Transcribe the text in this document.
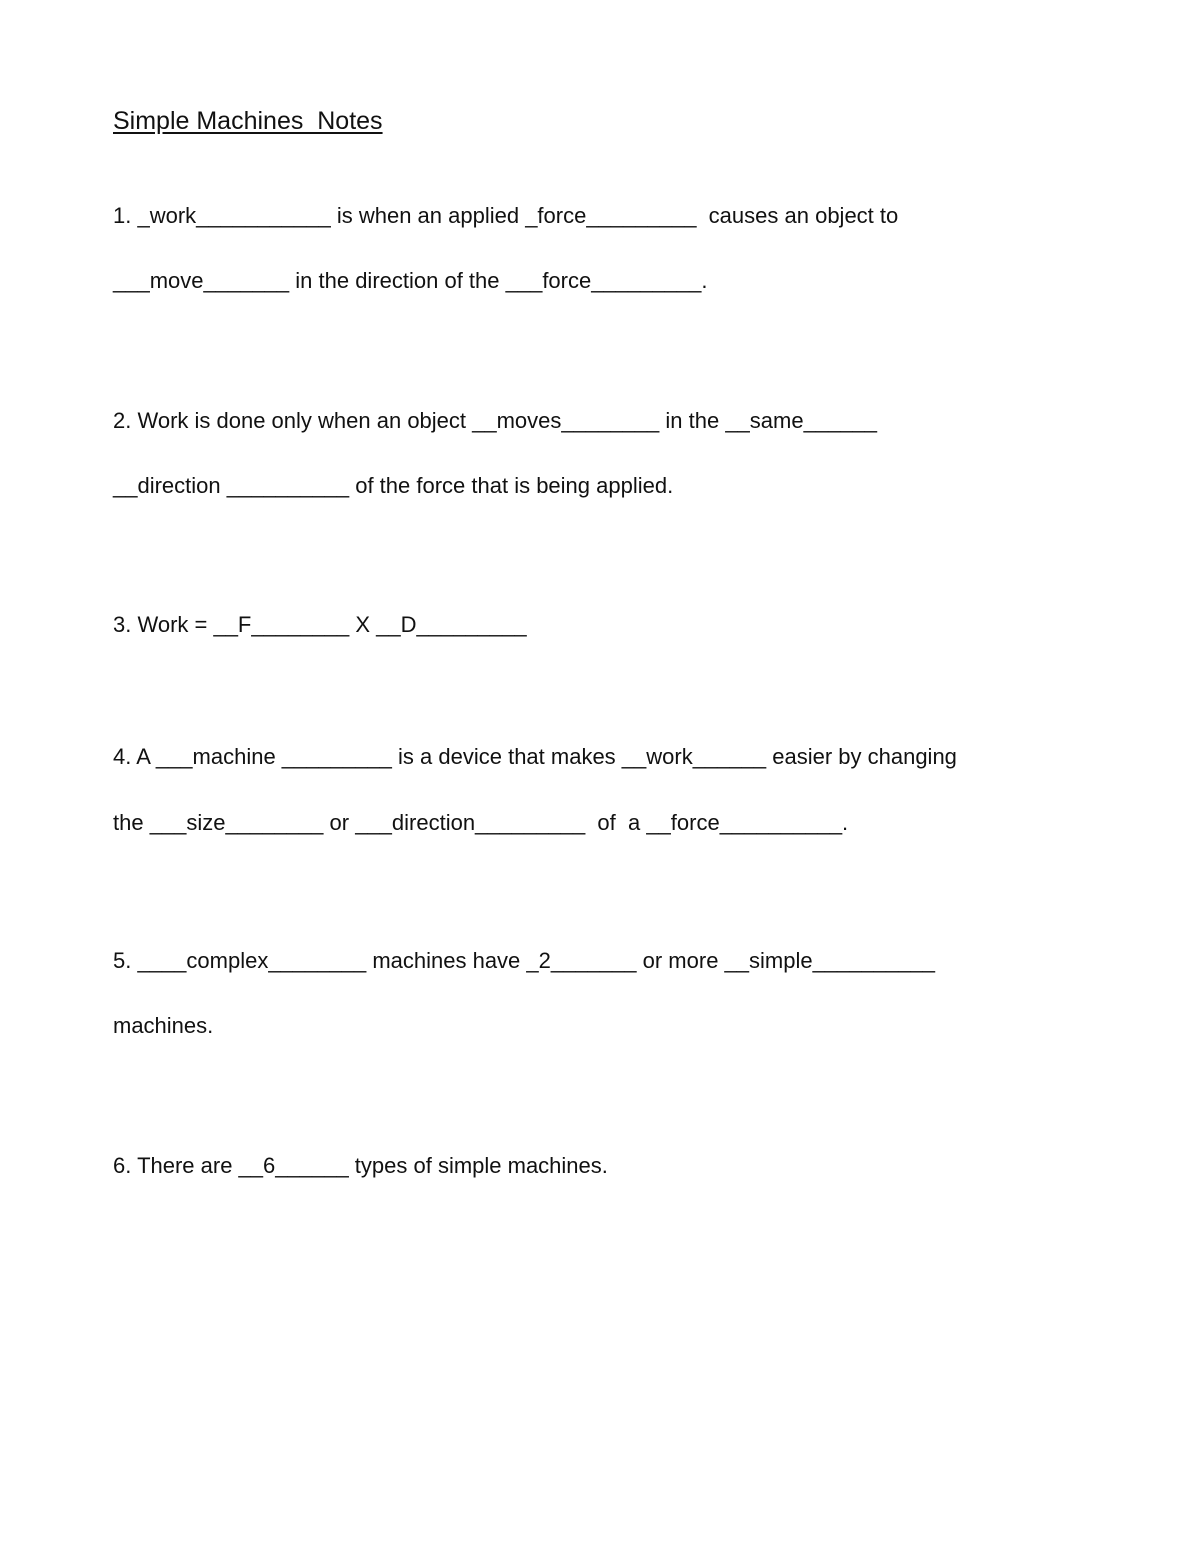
Simple Machines  Notes

1. _work___________ is when an applied _force_________  causes an object to

___move_______ in the direction of the ___force_________.

2. Work is done only when an object __moves________ in the __same______

__direction __________ of the force that is being applied.

3. Work = __F________ X __D_________

4. A ___machine _________ is a device that makes __work______ easier by changing

the ___size________ or ___direction_________  of  a __force__________.

5. ____complex________ machines have _2_______ or more __simple__________

machines.

6. There are __6______ types of simple machines.
